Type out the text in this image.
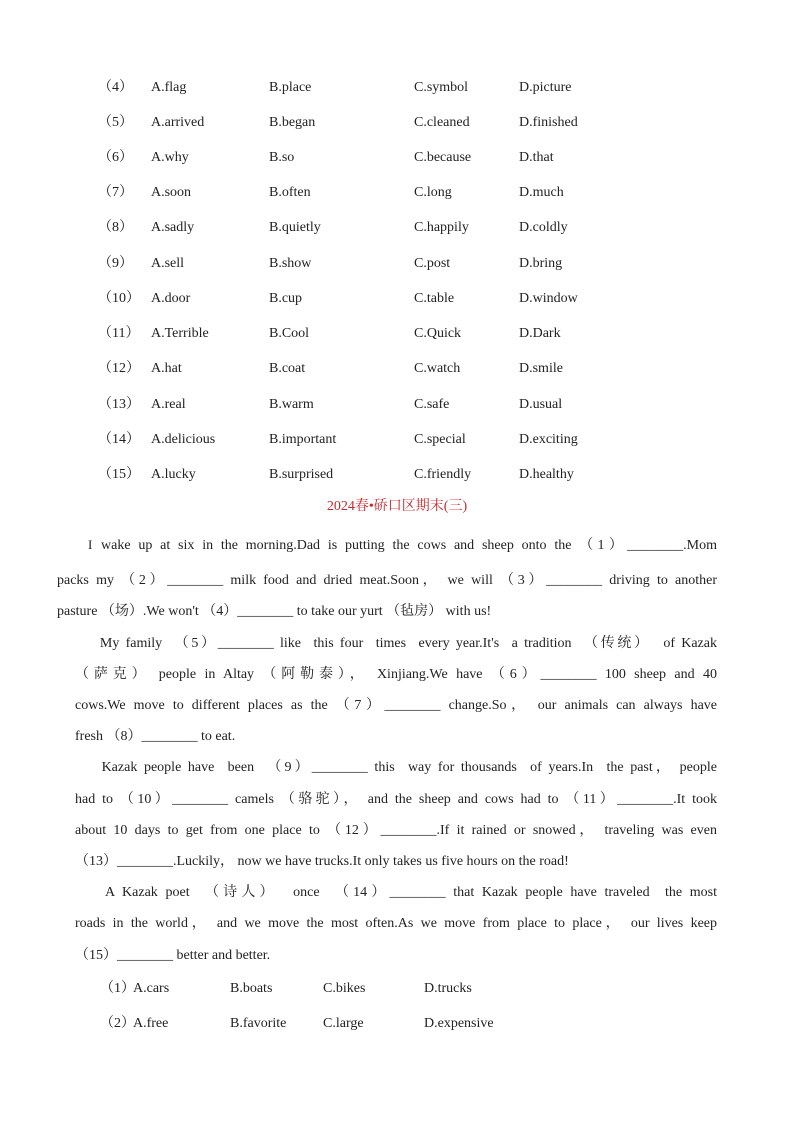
（4） A.flag	B.place	C.symbol	D.picture
（5） A.arrived	B.began	C.cleaned	D.finished
（6） A.why	B.so	C.because	D.that
（7） A.soon	B.often	C.long	D.much
（8） A.sadly	B.quietly	C.happily	D.coldly
（9） A.sell	B.show	C.post	D.bring
（10） A.door	B.cup	C.table	D.window
（11） A.Terrible	B.Cool	C.Quick	D.Dark
（12） A.hat	B.coat	C.watch	D.smile
（13） A.real	B.warm	C.safe	D.usual
（14） A.delicious	B.important	C.special	D.exciting
（15） A.lucky	B.surprised	C.friendly	D.healthy
2024春•硚口区期末(三)
I wake up at six in the morning.Dad is putting the cows and sheep onto the （1）________.Mom
packs my （2）________ milk food and dried meat.Soon， we will （3）________ driving to another
pasture （场）.We won't （4）________ to take our yurt （毡房） with us!
My family  （5）________ like  this four  times  every year.It's  a tradition  （传统）  of Kazak
（萨克） people in Altay （阿勒泰）， Xinjiang.We have （6）________ 100 sheep and 40
cows.We move to different places as the （7）________ change.So， our animals can always have
fresh （8）________ to eat.
Kazak people have  been  （9）________ this  way for thousands  of years.In  the past， people
had to （10）________ camels （骆驼）， and the sheep and cows had to （11）________.It took
about 10 days to get from one place to （12）________.If it rained or snowed， traveling was even
（13）________.Luckily， now we have trucks.It only takes us five hours on the road!
A Kazak poet  （诗人）  once  （14）________ that Kazak people have traveled  the most
roads in the world， and we move the most often.As we move from place to place， our lives keep
（15）________ better and better.
（1）
A.cars	B.boats	C.bikes	D.trucks
（2）
A.free	B.favorite	C.large	D.expensive
